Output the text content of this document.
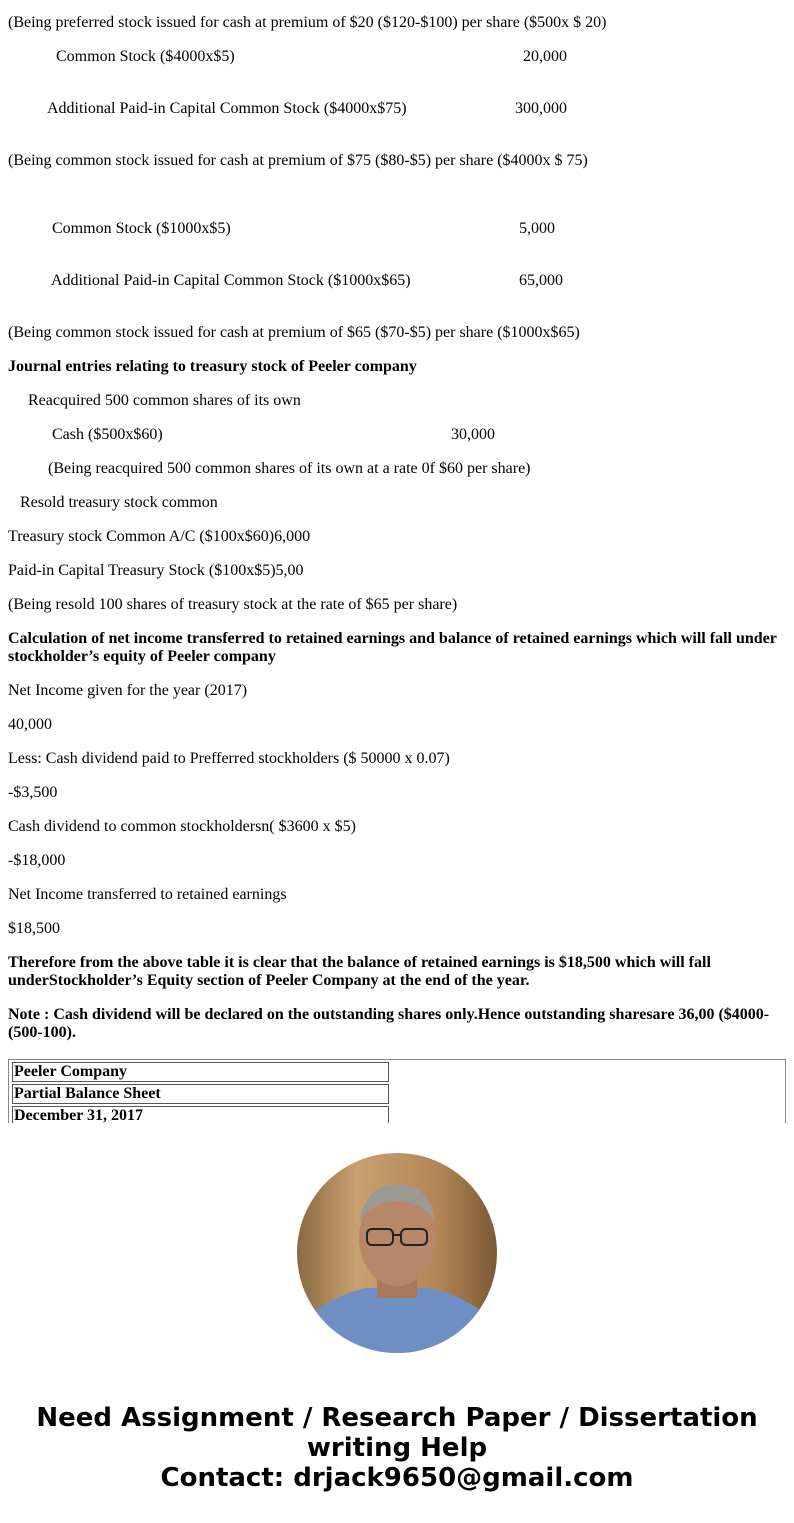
(Being preferred stock issued for cash at premium of $20 ($120-$100) per share ($500x $ 20)
Common Stock ($4000x$5)	20,000
Additional Paid-in Capital Common Stock ($4000x$75)	300,000
(Being common stock issued for cash at premium of $75 ($80-$5) per share ($4000x $ 75)
Common Stock ($1000x$5)	5,000
Additional Paid-in Capital Common Stock ($1000x$65)	65,000
(Being common stock issued for cash at premium of $65 ($70-$5) per share ($1000x$65)
Journal entries relating to treasury stock of Peeler company
Reacquired 500 common shares of its own
Cash ($500x$60)	30,000
(Being reacquired 500 common shares of its own at a rate 0f $60 per share)
Resold treasury stock common
Treasury stock Common A/C ($100x$60)6,000
Paid-in Capital Treasury Stock ($100x$5)5,00
(Being resold 100 shares of treasury stock at the rate of $65 per share)
Calculation of net income transferred to retained earnings and balance of retained earnings which will fall under stockholder’s equity of Peeler company
Net Income given for the year (2017)
40,000
Less: Cash dividend paid to Prefferred stockholders ($ 50000 x 0.07)
-$3,500
Cash dividend to common stockholdersn( $3600 x $5)
-$18,000
Net Income transferred to retained earnings
$18,500
Therefore from the above table it is clear that the balance of retained earnings is $18,500 which will fall underStockholder’s Equity section of Peeler Company at the end of the year.
Note : Cash dividend will be declared on the outstanding shares only.Hence outstanding sharesare 36,00 ($4000-(500-100).
Peeler Company
Partial Balance Sheet
December 31, 2017
Need Assignment / Research Paper / Dissertation
writing Help
Contact: drjack9650@gmail.com
